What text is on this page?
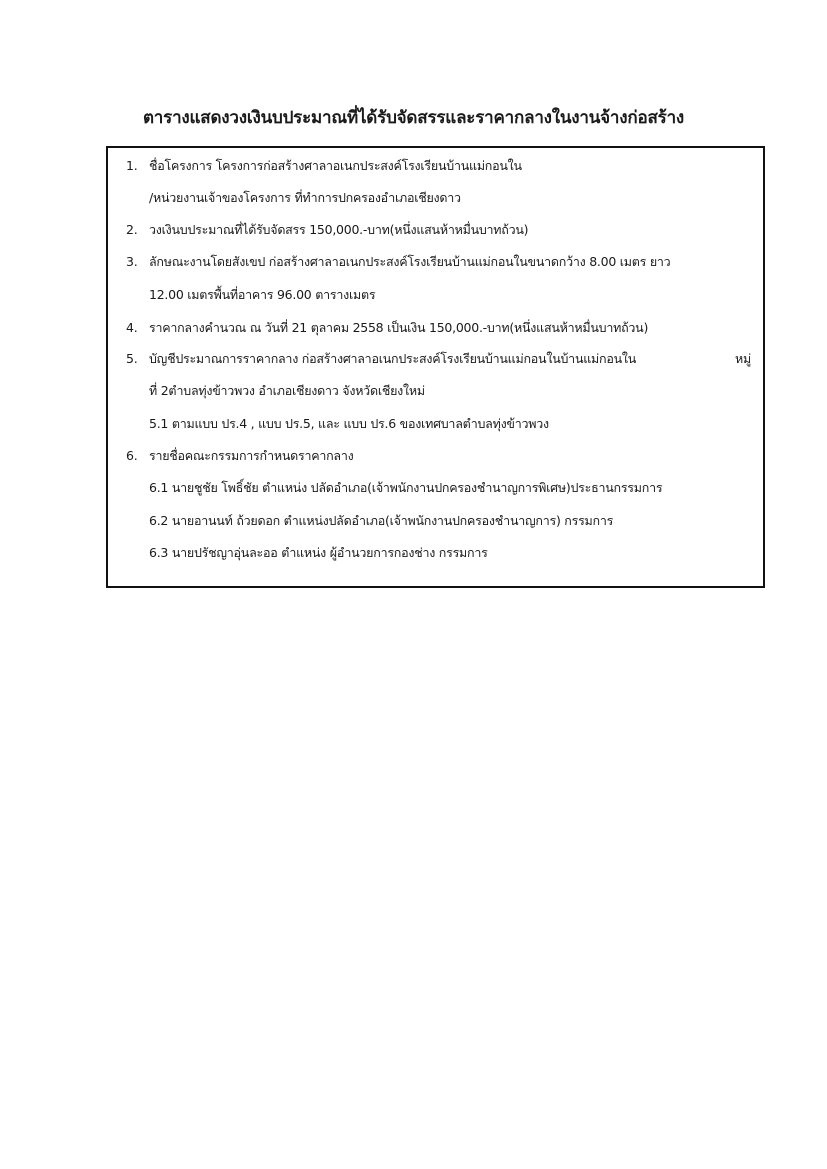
ตารางแสดงวงเงินบประมาณที่ได้รับจัดสรรและราคากลางในงานจ้างก่อสร้าง
1. ชื่อโครงการ โครงการก่อสร้างศาลาอเนกประสงค์โรงเรียนบ้านแม่กอนใน
/หน่วยงานเจ้าของโครงการ ที่ทำการปกครองอำเภอเชียงดาว
2. วงเงินบประมาณที่ได้รับจัดสรร 150,000.-บาท(หนึ่งแสนห้าหมื่นบาทถ้วน)
3. ลักษณะงานโดยสังเขป ก่อสร้างศาลาอเนกประสงค์โรงเรียนบ้านแม่กอนในขนาดกว้าง 8.00 เมตร ยาว
12.00 เมตรพื้นที่อาคาร 96.00 ตารางเมตร
4. ราคากลางคำนวณ ณ วันที่ 21 ตุลาคม 2558 เป็นเงิน 150,000.-บาท(หนึ่งแสนห้าหมื่นบาทถ้วน)
5. บัญชีประมาณการราคากลาง ก่อสร้างศาลาอเนกประสงค์โรงเรียนบ้านแม่กอนในบ้านแม่กอนใน	หมู่
ที่ 2ตำบลทุ่งข้าวพวง อำเภอเชียงดาว จังหวัดเชียงใหม่
5.1 ตามแบบ ปร.4 , แบบ ปร.5, และ แบบ ปร.6 ของเทศบาลตำบลทุ่งข้าวพวง
6. รายชื่อคณะกรรมการกำหนดราคากลาง
6.1 นายชูชัย โพธิ์ชัย ตำแหน่ง ปลัดอำเภอ(เจ้าพนักงานปกครองชำนาญการพิเศษ)ประธานกรรมการ
6.2 นายอานนท์ ถ้วยดอก ตำแหน่งปลัดอำเภอ(เจ้าพนักงานปกครองชำนาญการ) กรรมการ
6.3 นายปรัชญาอุ่นละออ ตำแหน่ง ผู้อำนวยการกองช่าง กรรมการ
